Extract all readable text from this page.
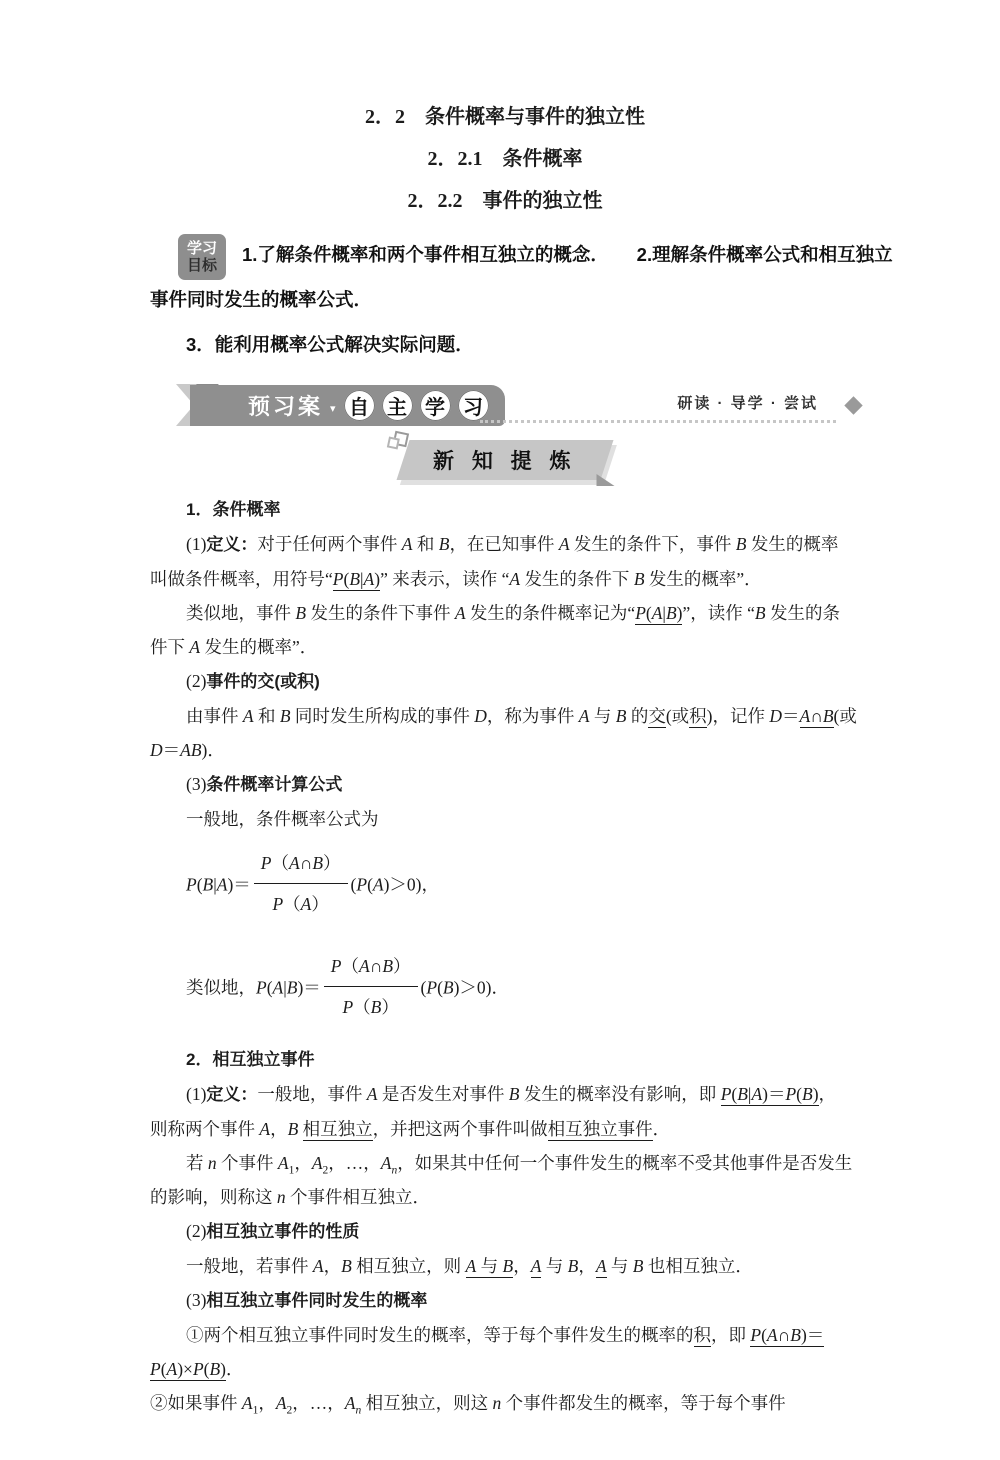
2．2　条件概率与事件的独立性
2．2.1　条件概率
2．2.2　事件的独立性
学习
目标
1.了解条件概率和两个事件相互独立的概念．　　2.理解条件概率公式和相互独立
事件同时发生的概率公式．
3．能利用概率公式解决实际问题．
预习案 ▾ 自 主 学 习	研读 · 导学 · 尝试
新 知 提 炼
1．条件概率
(1)定义：对于任何两个事件 A 和 B，在已知事件 A 发生的条件下，事件 B 发生的概率
叫做条件概率，用符号“P(B|A)” 来表示，读作 “A 发生的条件下 B 发生的概率”．
类似地，事件 B 发生的条件下事件 A 发生的条件概率记为“P(A|B)”，读作 “B 发生的条
件下 A 发生的概率”．
(2)事件的交(或积)
由事件 A 和 B 同时发生所构成的事件 D，称为事件 A 与 B 的交(或积)，记作 D＝A∩B(或
D＝AB)．
(3)条件概率计算公式
一般地，条件概率公式为
$P(B|A)= \frac{P(A\cap B)}{P(A)} (P(A)>0)$，
类似地，$P(A|B)= \frac{P(A\cap B)}{P(B)} (P(B)>0)$．
2．相互独立事件
(1)定义：一般地，事件 A 是否发生对事件 B 发生的概率没有影响，即 P(B|A)＝P(B)，
则称两个事件 A，B 相互独立，并把这两个事件叫做相互独立事件．
若 n 个事件 $A_1$，$A_2$，…，$A_n$，如果其中任何一个事件发生的概率不受其他事件是否发生
的影响，则称这 n 个事件相互独立．
(2)相互独立事件的性质
一般地，若事件 A，B 相互独立，则 A 与 B，A 与 B，A 与 B 也相互独立．
(3)相互独立事件同时发生的概率
①两个相互独立事件同时发生的概率，等于每个事件发生的概率的积，即 P(A∩B)＝
P(A)×P(B)．
②如果事件 $A_1$，$A_2$，…，$A_n$ 相互独立，则这 n 个事件都发生的概率，等于每个事件
